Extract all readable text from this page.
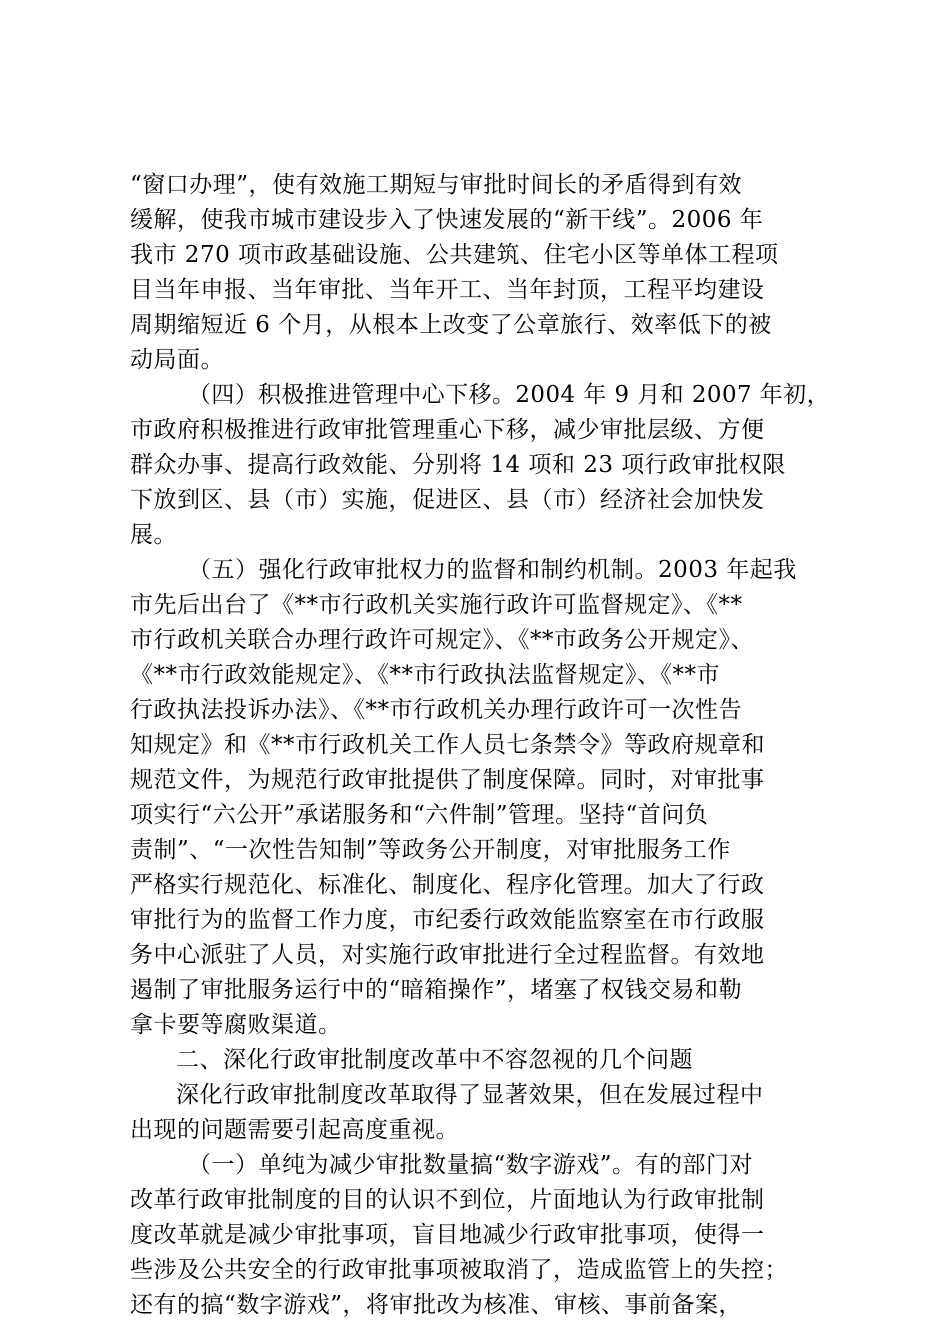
“窗口办理”，使有效施工期短与审批时间长的矛盾得到有效
缓解，使我市城市建设步入了快速发展的“新干线”。2006 年
我市 270 项市政基础设施、公共建筑、住宅小区等单体工程项
目当年申报、当年审批、当年开工、当年封顶，工程平均建设
周期缩短近 6 个月，从根本上改变了公章旅行、效率低下的被
动局面。
（四）积极推进管理中心下移。2004 年 9 月和 2007 年初，
市政府积极推进行政审批管理重心下移，减少审批层级、方便
群众办事、提高行政效能、分别将 14 项和 23 项行政审批权限
下放到区、县（市）实施，促进区、县（市）经济社会加快发
展。
（五）强化行政审批权力的监督和制约机制。2003 年起我
市先后出台了《**市行政机关实施行政许可监督规定》、《**
市行政机关联合办理行政许可规定》、《**市政务公开规定》、
《**市行政效能规定》、《**市行政执法监督规定》、《**市
行政执法投诉办法》、《**市行政机关办理行政许可一次性告
知规定》和《**市行政机关工作人员七条禁令》等政府规章和
规范文件，为规范行政审批提供了制度保障。同时，对审批事
项实行“六公开”承诺服务和“六件制”管理。坚持“首问负
责制”、“一次性告知制”等政务公开制度，对审批服务工作
严格实行规范化、标准化、制度化、程序化管理。加大了行政
审批行为的监督工作力度，市纪委行政效能监察室在市行政服
务中心派驻了人员，对实施行政审批进行全过程监督。有效地
遏制了审批服务运行中的“暗箱操作”，堵塞了权钱交易和勒
拿卡要等腐败渠道。
二、深化行政审批制度改革中不容忽视的几个问题
深化行政审批制度改革取得了显著效果，但在发展过程中
出现的问题需要引起高度重视。
（一）单纯为减少审批数量搞“数字游戏”。有的部门对
改革行政审批制度的目的认识不到位，片面地认为行政审批制
度改革就是减少审批事项，盲目地减少行政审批事项，使得一
些涉及公共安全的行政审批事项被取消了，造成监管上的失控；
还有的搞“数字游戏”，将审批改为核准、审核、事前备案，
